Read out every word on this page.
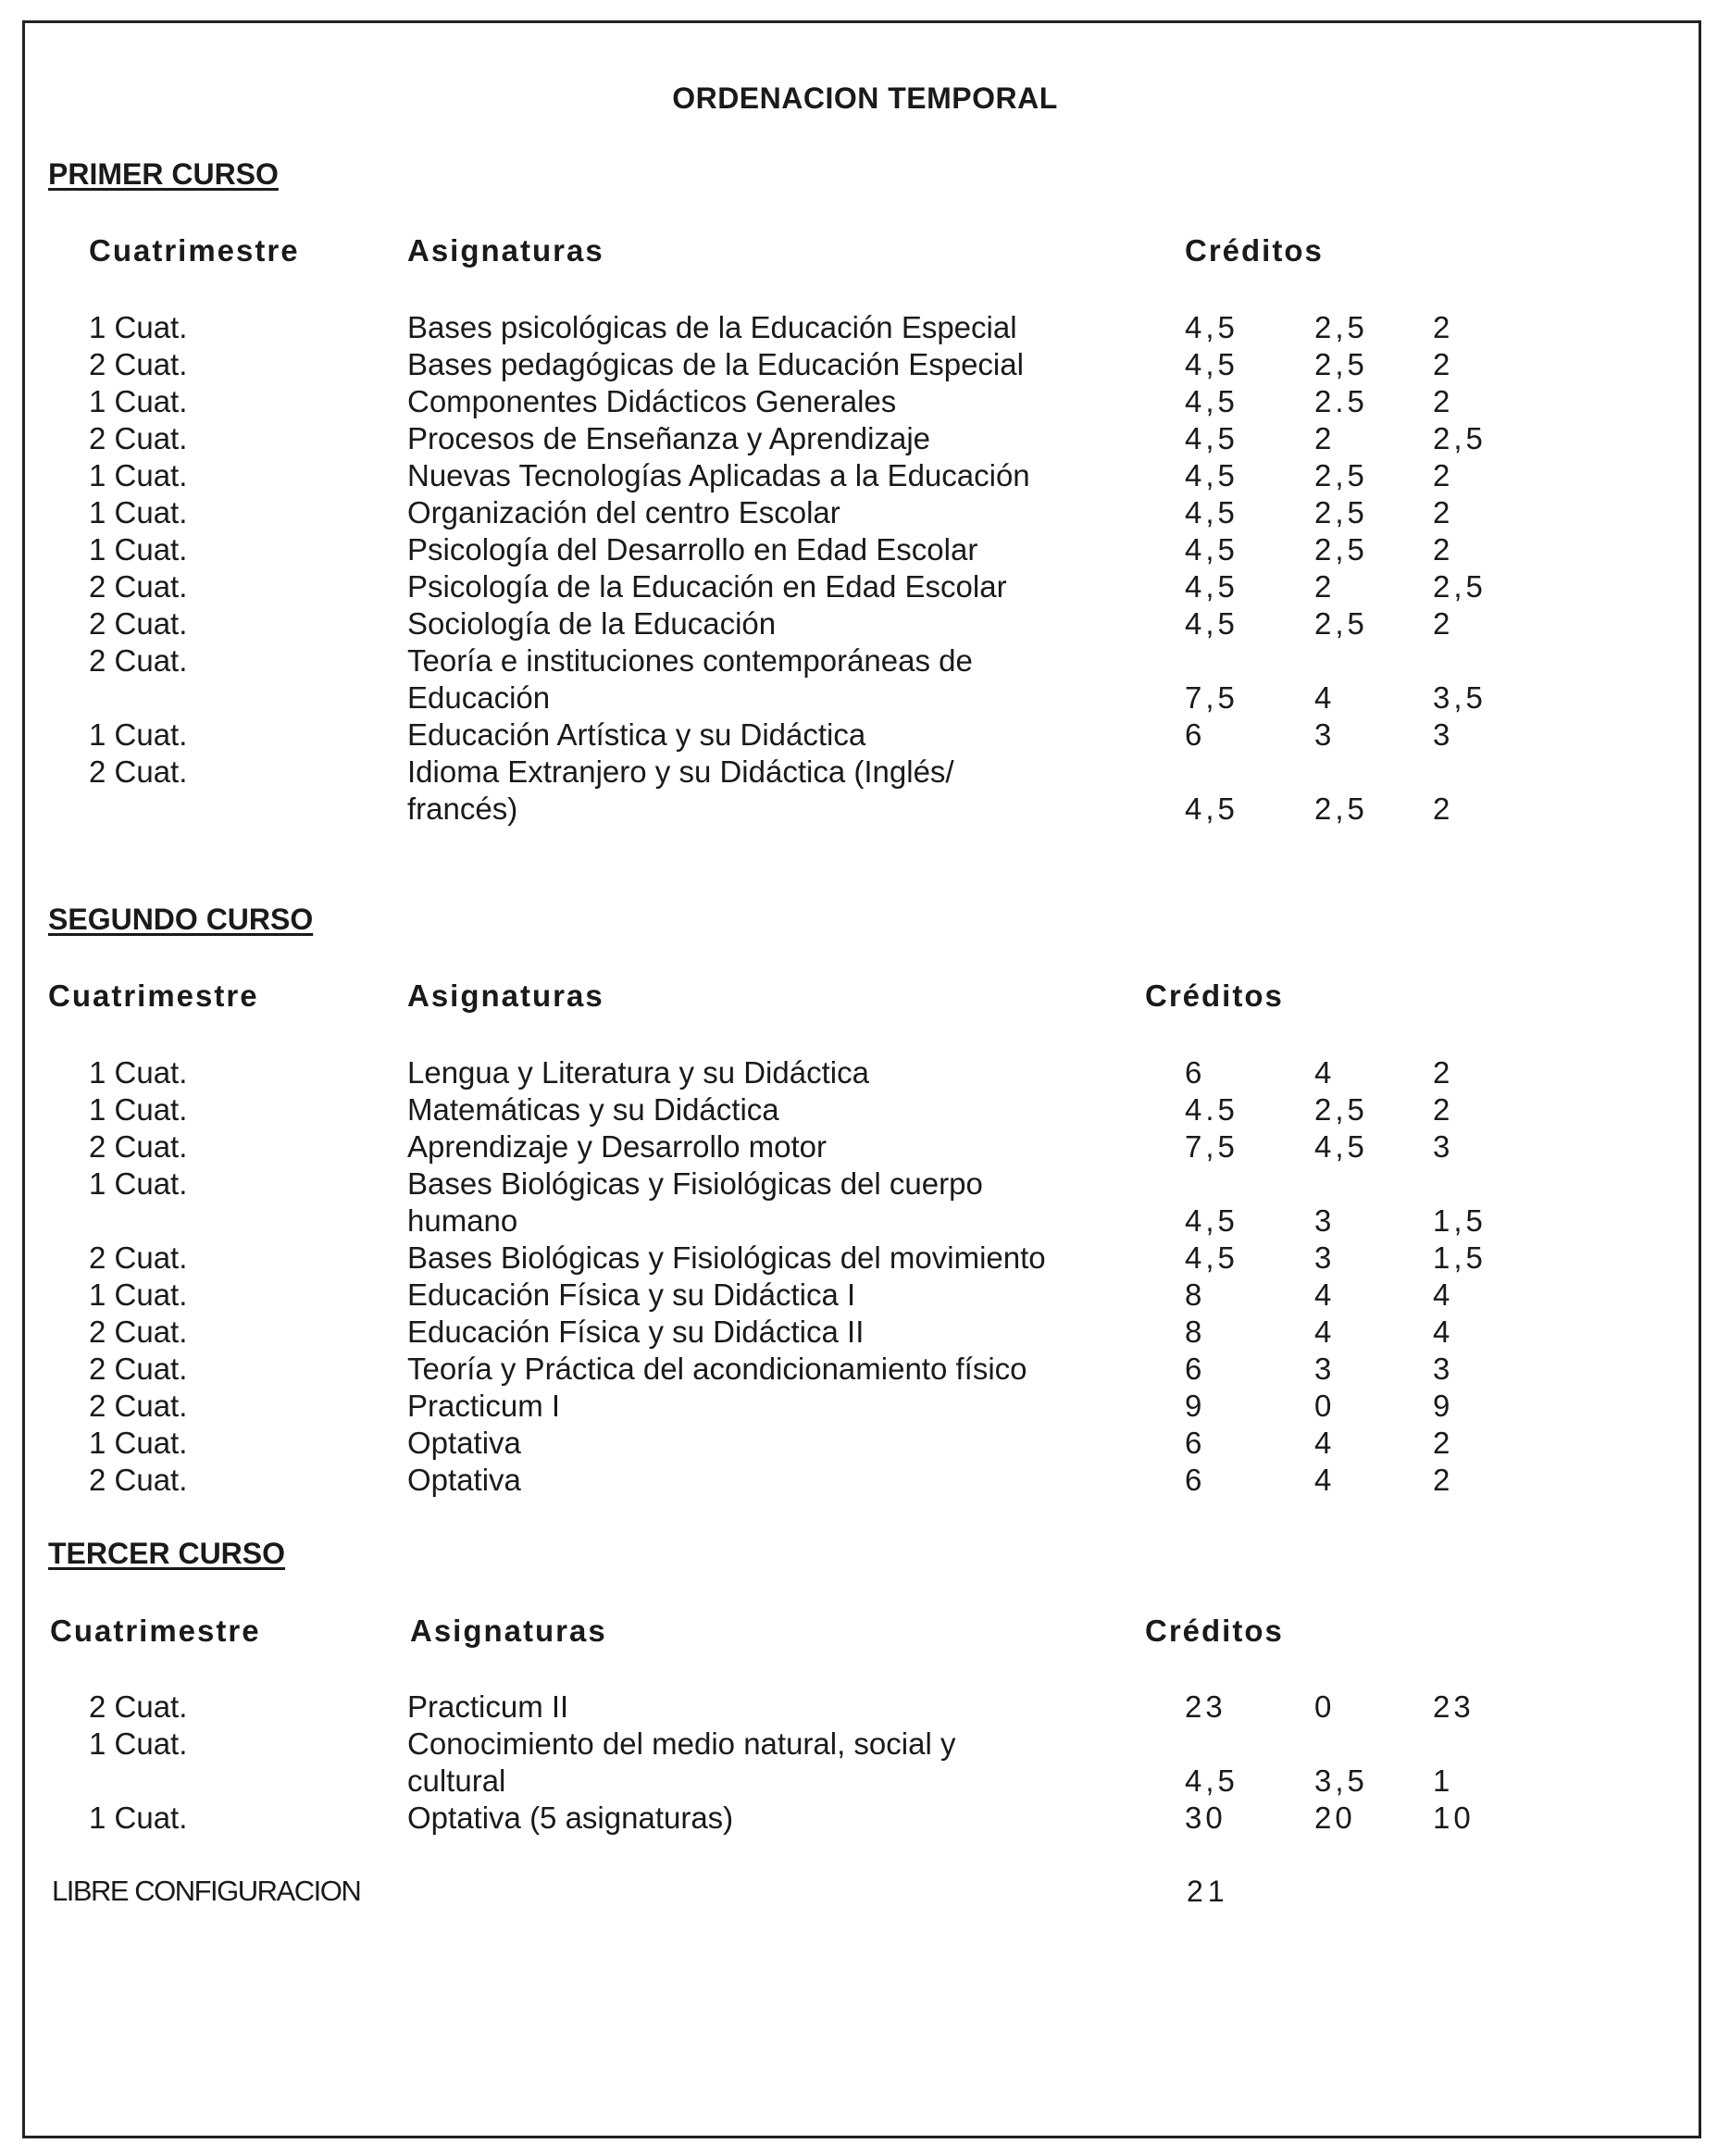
ORDENACION TEMPORAL
PRIMER CURSO
Cuatrimestre	Asignaturas	Créditos
1 Cuat.	Bases psicológicas de la Educación Especial	4,5 2,5 2
2 Cuat.	Bases pedagógicas de la Educación Especial	4,5 2,5 2
1 Cuat.	Componentes Didácticos Generales	4,5 2.5 2
2 Cuat.	Procesos de Enseñanza y Aprendizaje	4,5 2	2,5
1 Cuat.	Nuevas Tecnologías Aplicadas a la Educación	4,5 2,5 2
1 Cuat.	Organización del centro Escolar	4,5 2,5 2
1 Cuat.	Psicología del Desarrollo en Edad Escolar	4,5 2,5 2
2 Cuat.	Psicología de la Educación en Edad Escolar	4,5 2	2,5
2 Cuat.	Sociología de la Educación	4,5 2,5 2
2 Cuat.	Teoría e instituciones contemporáneas de
Educación	7,5 4	3,5
1 Cuat.	Educación Artística y su Didáctica	6	3	3
2 Cuat.	Idioma Extranjero y su Didáctica (Inglés/
francés)	4,5 2,5 2
SEGUNDO CURSO
Cuatrimestre	Asignaturas	Créditos
1 Cuat.	Lengua y Literatura y su Didáctica	6	4	2
1 Cuat.	Matemáticas y su Didáctica	4.5 2,5 2
2 Cuat.	Aprendizaje y Desarrollo motor	7,5 4,5 3
1 Cuat.	Bases Biológicas y Fisiológicas del cuerpo
humano	4,5 3	1,5
2 Cuat.	Bases Biológicas y Fisiológicas del movimiento	4,5 3	1,5
1 Cuat.	Educación Física y su Didáctica I	8	4	4
2 Cuat.	Educación Física y su Didáctica II	8	4	4
2 Cuat.	Teoría y Práctica del acondicionamiento físico	6	3	3
2 Cuat.	Practicum I	9	0	9
1 Cuat.	Optativa	6	4	2
2 Cuat.	Optativa	6	4	2
TERCER CURSO
Cuatrimestre	Asignaturas	Créditos
2 Cuat.	Practicum II	23	0	23
1 Cuat.	Conocimiento del medio natural, social y
cultural	4,5 3,5 1
1 Cuat.	Optativa (5 asignaturas)	30	20	10
LIBRE CONFIGURACION	21
